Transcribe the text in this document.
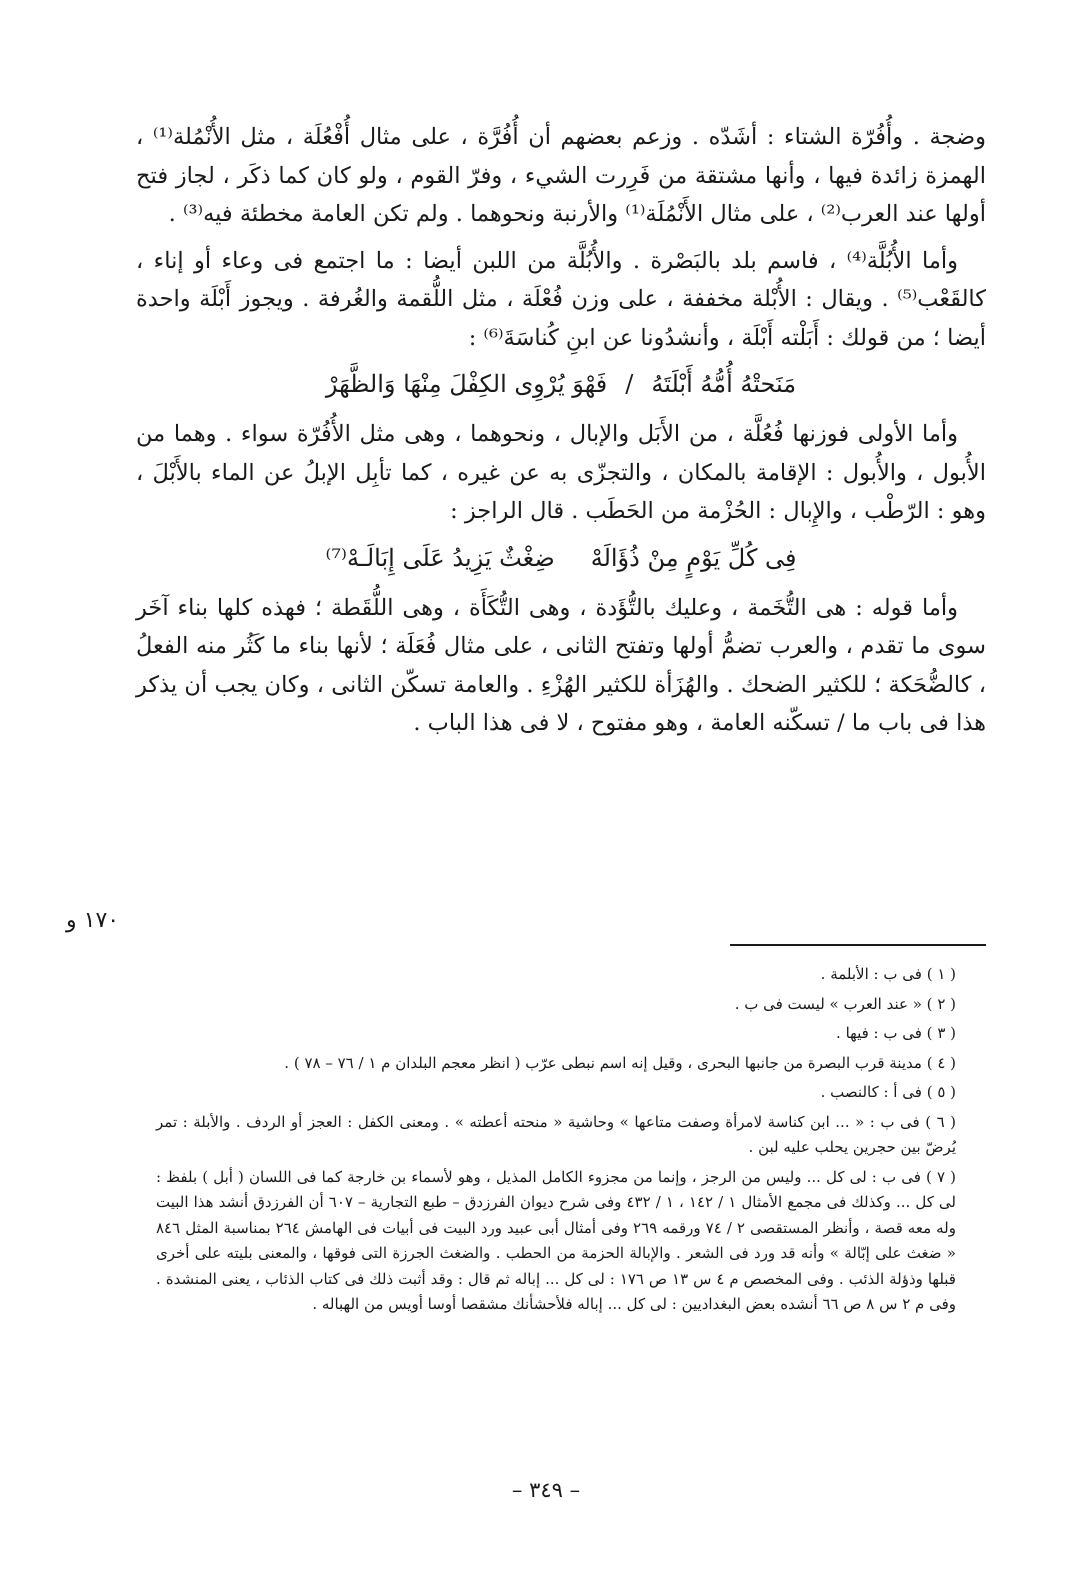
وضجة . وأُفُرّة الشتاء : أشَدّه . وزعم بعضهم أن أُفُرَّة ، على مثال أُفْعُلَة ، مثل الأُنْمُلة⁽¹⁾ ، الهمزة زائدة فيها ، وأنها مشتقة من فَرِرت الشيء ، وفرّ القوم ، ولو كان كما ذكَر ، لجاز فتح أولها عند العرب⁽²⁾ ، على مثال الأَنْمُلَة⁽¹⁾ والأرنبة ونحوهما . ولم تكن العامة مخطئة فيه⁽³⁾ .

وأما الأُبُلَّة⁽⁴⁾ ، فاسم بلد بالبَصْرة . والأُبُلَّة من اللبن أيضا : ما اجتمع فى وعاء أو إناء ، كالقَعْب⁽⁵⁾ . ويقال : الأُبْلة مخففة ، على وزن فُعْلَة ، مثل اللُّقمة والغُرفة . ويجوز أَبْلَة واحدة أيضا ؛ من قولك : أَبَلْته أَبْلَة ، وأنشدُونا عن ابنِ كُناسَةَ⁽⁶⁾ :

مَنَحتْهُ أُمُّهُ أَبْلَتَهُ/فَهْوَ يُرْوِى الكِفْلَ مِنْهَا وَالظَّهَرْ

وأما الأولى فوزنها فُعُلَّة ، من الأَبَل والإبال ، ونحوهما ، وهى مثل الأُفُرّة سواء . وهما من الأُبول ، والأُبول : الإقامة بالمكان ، والتجزّى به عن غيره ، كما تأبِل الإبلُ عن الماء بالأَبْلَ ، وهو : الرّطْب ، والإِبال : الحُزْمة من الحَطَب . قال الراجز :

فِى كُلِّ يَوْمٍ مِنْ ذُؤَالَهْضِغْثٌ يَزِيدُ عَلَى إِبَالَـهْ⁽⁷⁾

وأما قوله : هى التُّخَمة ، وعليك بالتُّؤَدة ، وهى التُّكَأَة ، وهى اللُّقَطة ؛ فهذه كلها بناء آخَر سوى ما تقدم ، والعرب تضمُّ أولها وتفتح الثانى ، على مثال فُعَلَة ؛ لأنها بناء ما كَثُر منه الفعلُ ، كالضُّحَكة ؛ للكثير الضحك . والهُزَأة للكثير الهُزْءِ . والعامة تسكّن الثانى ، وكان يجب أن يذكر هذا فى باب ما / تسكّنه العامة ، وهو مفتوح ، لا فى هذا الباب .

١٧٠ و

( ١ ) فى ب : الأبلمة .

( ٢ ) « عند العرب » ليست فى ب .

( ٣ ) فى ب : فيها .

( ٤ ) مدينة قرب البصرة من جانبها البحرى ، وقيل إنه اسم نبطى عرّب ( انظر معجم البلدان م ١ / ٧٦ – ٧٨ ) .

( ٥ ) فى أ : كالنصب .

( ٦ ) فى ب : « ... ابن كناسة لامرأة وصفت متاعها » وحاشية « منحته أعطته » . ومعنى الكفل : العجز أو الردف . والأبلة : تمر يُرضّ بين حجرين يحلب عليه لبن .

( ٧ ) فى ب : لى كل ... وليس من الرجز ، وإنما من مجزوء الكامل المذيل ، وهو لأسماء بن خارجة كما فى اللسان ( أبل ) بلفظ : لى كل ... وكذلك فى مجمع الأمثال ١ / ١٤٢ ، ١ / ٤٣٢ وفى شرح ديوان الفرزدق – طبع التجارية – ٦٠٧ أن الفرزدق أنشد هذا البيت وله معه قصة ، وأنظر المستقصى ٢ / ٧٤ ورقمه ٢٦٩ وفى أمثال أبى عبيد ورد البيت فى أبيات فى الهامش ٢٦٤ بمناسبة المثل ٨٤٦ « ضغث على إبّالة » وأنه قد ورد فى الشعر . والإبالة الحزمة من الحطب . والضغث الجرزة التى فوقها ، والمعنى بليته على أخرى قبلها وذؤلة الذئب . وفى المخصص م ٤ س ١٣ ص ١٧٦ : لى كل ... إباله ثم قال : وقد أثبت ذلك فى كتاب الذئاب ، يعنى المنشدة . وفى م ٢ س ٨ ص ٦٦ أنشده بعض البغداديين : لى كل ... إباله فلأحشأنك مشقصا أوسا أويس من الهباله .

– ٣٤٩ –
